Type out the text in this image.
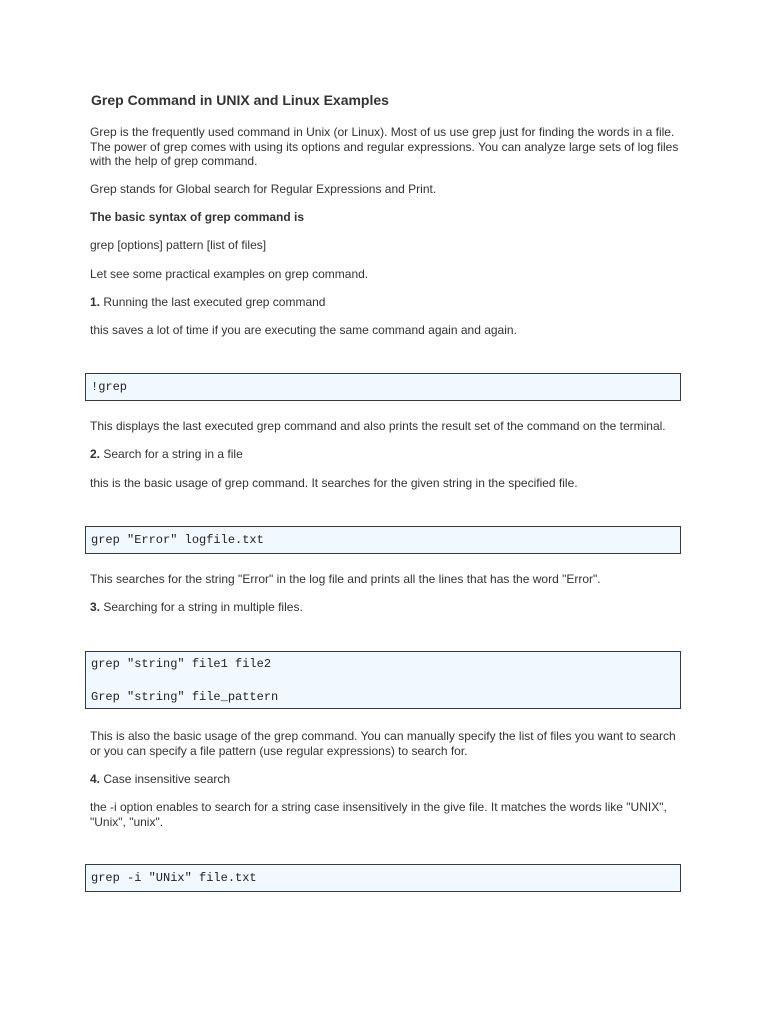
Grep Command in UNIX and Linux Examples

Grep is the frequently used command in Unix (or Linux). Most of us use grep just for finding the words in a file.
The power of grep comes with using its options and regular expressions. You can analyze large sets of log files
with the help of grep command.

Grep stands for Global search for Regular Expressions and Print.

The basic syntax of grep command is

grep [options] pattern [list of files]

Let see some practical examples on grep command.

1. Running the last executed grep command

this saves a lot of time if you are executing the same command again and again.

!grep

This displays the last executed grep command and also prints the result set of the command on the terminal.

2. Search for a string in a file

this is the basic usage of grep command. It searches for the given string in the specified file.

grep "Error" logfile.txt

This searches for the string "Error" in the log file and prints all the lines that has the word "Error".

3. Searching for a string in multiple files.

grep "string" file1 file2
Grep "string" file_pattern

This is also the basic usage of the grep command. You can manually specify the list of files you want to search
or you can specify a file pattern (use regular expressions) to search for.

4. Case insensitive search

the -i option enables to search for a string case insensitively in the give file. It matches the words like "UNIX",
"Unix", "unix".

grep -i "UNix" file.txt
